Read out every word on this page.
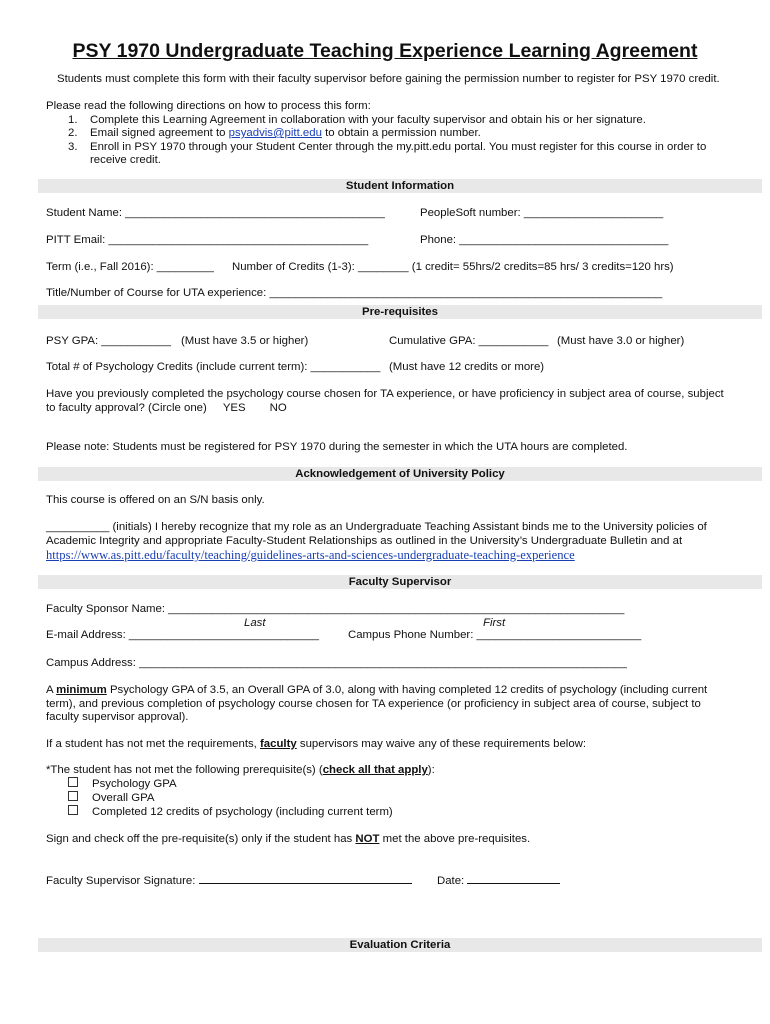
PSY 1970 Undergraduate Teaching Experience Learning Agreement
Students must complete this form with their faculty supervisor before gaining the permission number to register for PSY 1970 credit.
Please read the following directions on how to process this form:
1. Complete this Learning Agreement in collaboration with your faculty supervisor and obtain his or her signature.
2. Email signed agreement to psyadvis@pitt.edu to obtain a permission number.
3. Enroll in PSY 1970 through your Student Center through the my.pitt.edu portal. You must register for this course in order to
receive credit.
Student Information
Student Name: _________________________________________	PeopleSoft number: ______________________
PITT Email: _________________________________________	Phone: _________________________________
Term (i.e., Fall 2016): _________ Number of Credits (1-3): ________ (1 credit= 55hrs/2 credits=85 hrs/ 3 credits=120 hrs)
Title/Number of Course for UTA experience: ______________________________________________________________
Pre-requisites
PSY GPA: ___________ (Must have 3.5 or higher)	Cumulative GPA: ___________ (Must have 3.0 or higher)
Total # of Psychology Credits (include current term): ___________ (Must have 12 credits or more)
Have you previously completed the psychology course chosen for TA experience, or have proficiency in subject area of course, subject
to faculty approval? (Circle one) YES NO
Please note: Students must be registered for PSY 1970 during the semester in which the UTA hours are completed.
Acknowledgement of University Policy
This course is offered on an S/N basis only.
__________ (initials) I hereby recognize that my role as an Undergraduate Teaching Assistant binds me to the University policies of
Academic Integrity and appropriate Faculty-Student Relationships as outlined in the University’s Undergraduate Bulletin and at
https://www.as.pitt.edu/faculty/teaching/guidelines-arts-and-sciences-undergraduate-teaching-experience
Faculty Supervisor
Faculty Sponsor Name: ________________________________________________________________________
Last	First
E-mail Address: ______________________________	Campus Phone Number: __________________________
Campus Address: _____________________________________________________________________________
A minimum Psychology GPA of 3.5, an Overall GPA of 3.0, along with having completed 12 credits of psychology (including current
term), and previous completion of psychology course chosen for TA experience (or proficiency in subject area of course, subject to
faculty supervisor approval).
If a student has not met the requirements, faculty supervisors may waive any of these requirements below:
*The student has not met the following prerequisite(s) (check all that apply):
Psychology GPA
Overall GPA
Completed 12 credits of psychology (including current term)
Sign and check off the pre-requisite(s) only if the student has NOT met the above pre-requisites.
Faculty Supervisor Signature:	Date:
Evaluation Criteria
